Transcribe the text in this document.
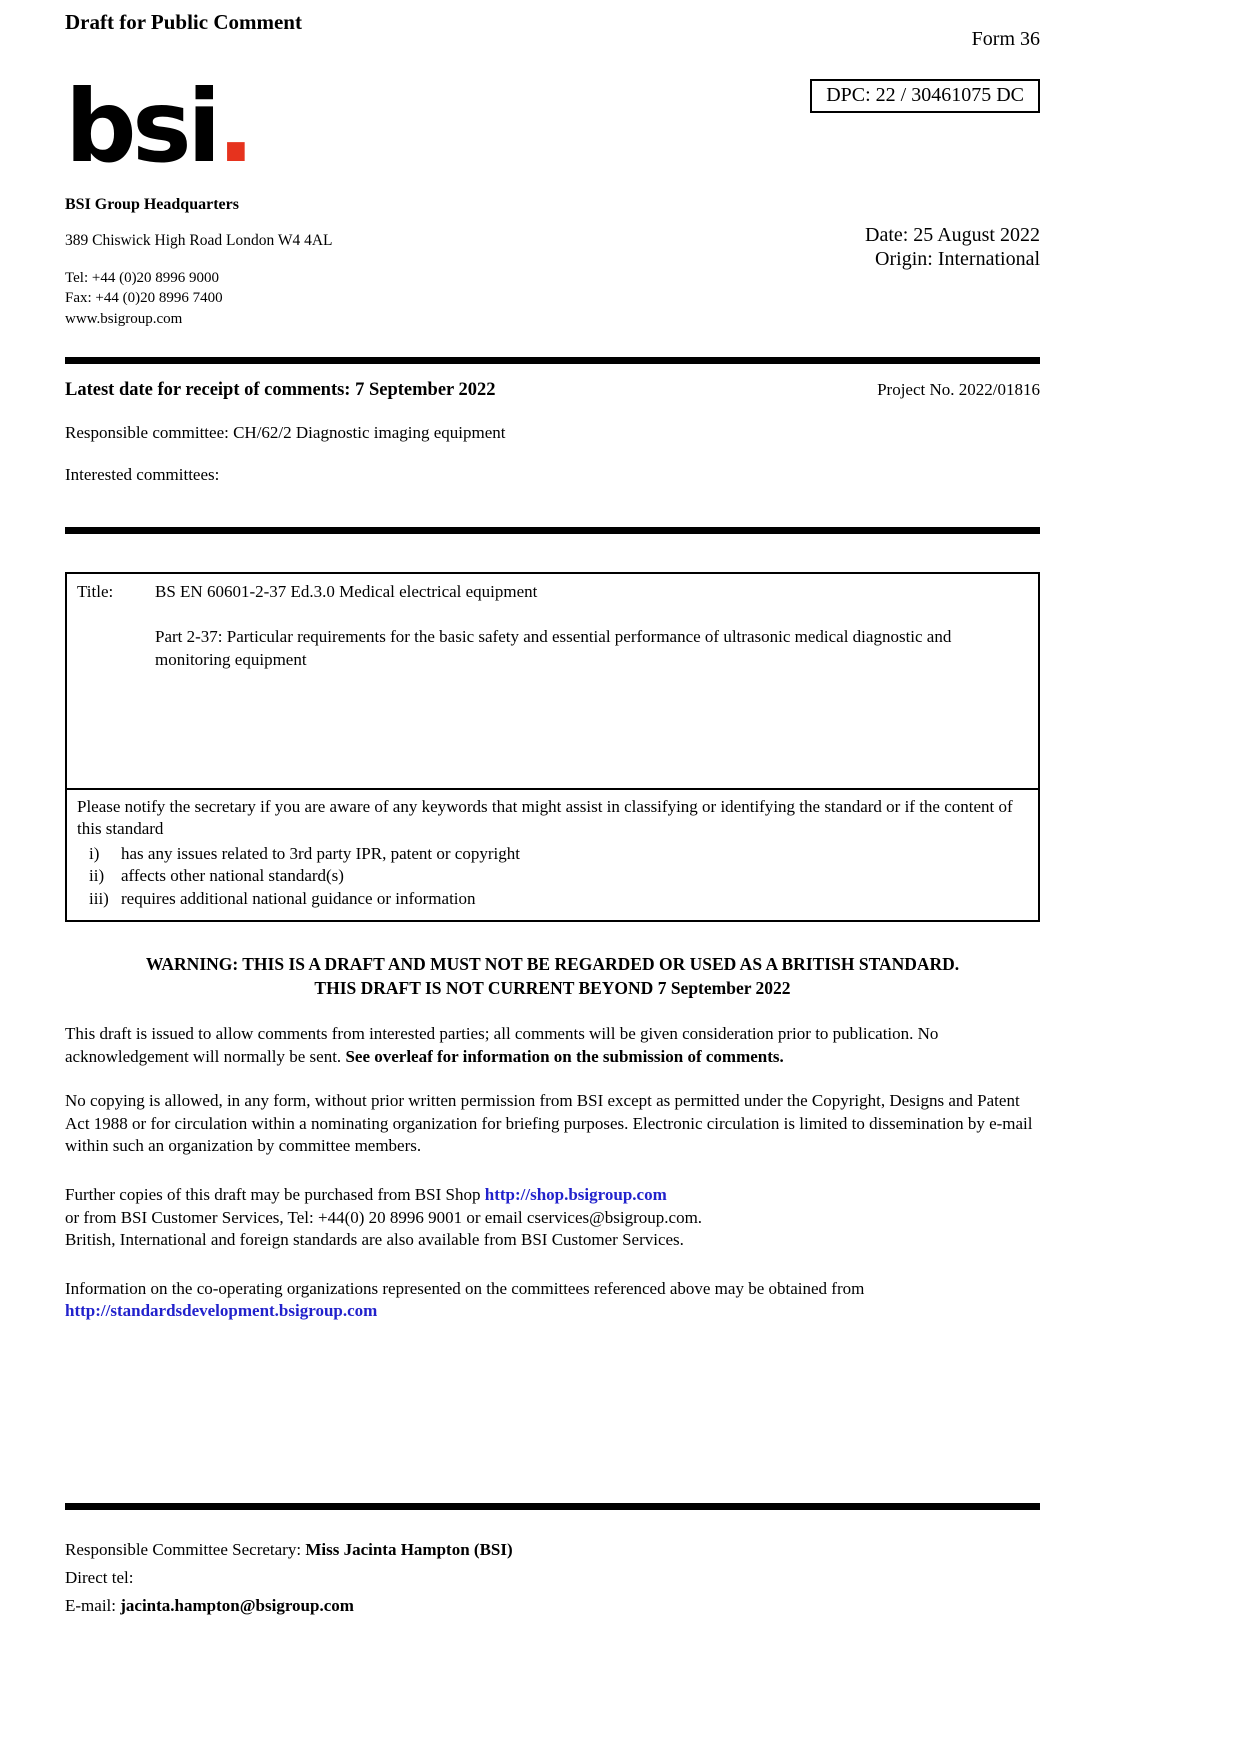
Draft for Public Comment
Form 36
bsi.
BSI Group Headquarters
389 Chiswick High Road London W4 4AL
Tel: +44 (0)20 8996 9000
Fax: +44 (0)20 8996 7400
www.bsigroup.com
DPC: 22 / 30461075 DC
Date: 25 August 2022
Origin: International
Latest date for receipt of comments: 7 September 2022	Project No. 2022/01816
Responsible committee: CH/62/2 Diagnostic imaging equipment
Interested committees:
Title:	BS EN 60601-2-37 Ed.3.0 Medical electrical equipment
Part 2-37: Particular requirements for the basic safety and essential performance of ultrasonic medical diagnostic and monitoring equipment
Please notify the secretary if you are aware of any keywords that might assist in classifying or identifying the standard or if the content of this standard
i)	has any issues related to 3rd party IPR, patent or copyright
ii) affects other national standard(s)
iii) requires additional national guidance or information
WARNING: THIS IS A DRAFT AND MUST NOT BE REGARDED OR USED AS A BRITISH STANDARD.
THIS DRAFT IS NOT CURRENT BEYOND 7 September 2022
This draft is issued to allow comments from interested parties; all comments will be given consideration prior to publication. No acknowledgement will normally be sent. See overleaf for information on the submission of comments.
No copying is allowed, in any form, without prior written permission from BSI except as permitted under the Copyright, Designs and Patent Act 1988 or for circulation within a nominating organization for briefing purposes. Electronic circulation is limited to dissemination by e-mail within such an organization by committee members.
Further copies of this draft may be purchased from BSI Shop http://shop.bsigroup.com
or from BSI Customer Services, Tel: +44(0) 20 8996 9001 or email cservices@bsigroup.com.
British, International and foreign standards are also available from BSI Customer Services.
Information on the co-operating organizations represented on the committees referenced above may be obtained from
http://standardsdevelopment.bsigroup.com
Responsible Committee Secretary: Miss Jacinta Hampton (BSI)
Direct tel:
E-mail: jacinta.hampton@bsigroup.com
